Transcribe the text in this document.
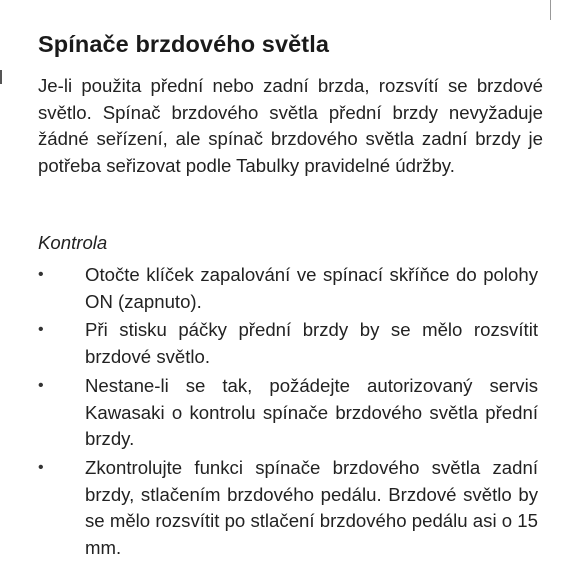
Spínače brzdového světla

Je-li použita přední nebo zadní brzda, rozsvítí se brzdové světlo. Spínač brzdového světla přední brzdy nevyžaduje žádné seřízení, ale spínač brzdového světla zadní brzdy je potřeba seřizovat podle Tabulky pravidelné údržby.

Kontrola

•	Otočte klíček zapalování ve spínací skříňce do polohy ON (zapnuto).
•	Při stisku páčky přední brzdy by se mělo rozsvítit brzdové světlo.
•	Nestane-li se tak, požádejte autorizovaný servis Kawasaki o kontrolu spínače brzdového světla přední brzdy.
•	Zkontrolujte funkci spínače brzdového světla zadní brzdy, stlačením brzdového pedálu. Brzdové světlo by se mělo rozsvítit po stlačení brzdového pedálu asi o 15 mm.
